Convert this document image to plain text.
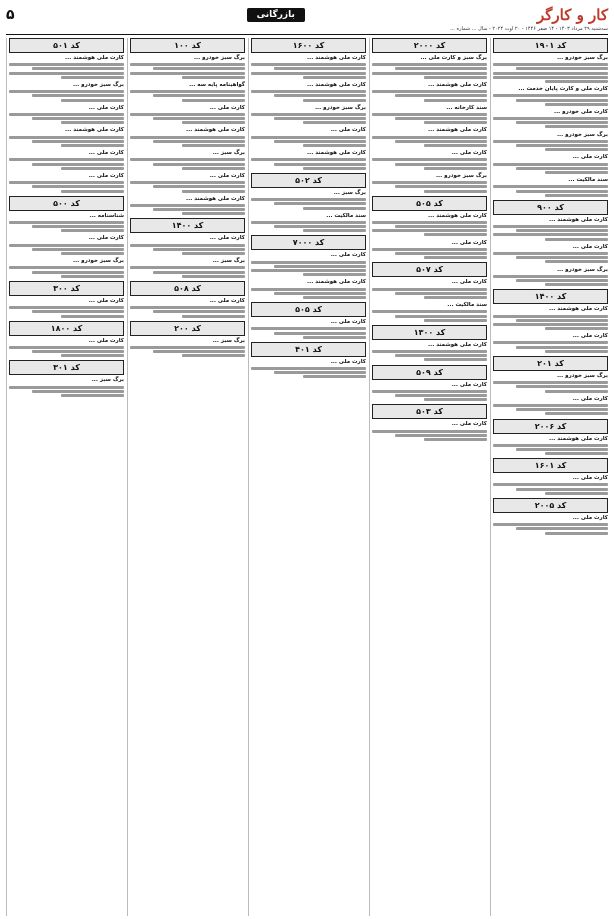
کار و کارگر
بازرگانی
۵
سه‌شنبه ۲۹ مرداد ۱۴۰۳ - ۱۴ صفر ۱۴۴۶ - ۲۰ اوت ۲۰۲۴ - سال ... شماره ...
کد ۱۹۰۱
برگ سبز خودرو ...
کارت ملی و کارت پایان خدمت ...
کارت ملی خودرو ...
برگ سبز خودرو ...
کارت ملی ...
سند مالکیت ...
کد ۹۰۰
کارت ملی هوشمند ...
کارت ملی ...
برگ سبز خودرو ...
کد ۱۴۰۰
کارت ملی هوشمند ...
کارت ملی ...
کد ۲۰۱
برگ سبز خودرو ...
کارت ملی ...
کد ۲۰۰۶
کارت ملی هوشمند ...
کد ۱۶۰۱
کارت ملی ...
کد ۲۰۰۵
کارت ملی ...
کد ۲۰۰۰
برگ سبز و کارت ملی ...
کارت ملی هوشمند ...
سند کارخانه ...
کارت ملی هوشمند ...
کارت ملی ...
برگ سبز خودرو ...
کد ۵۰۵
کارت ملی هوشمند ...
کارت ملی ...
کد ۵۰۷
کارت ملی ...
سند مالکیت ...
کد ۱۳۰۰
کارت ملی هوشمند ...
کد ۵۰۹
کارت ملی ...
کد ۵۰۳
کارت ملی ...
کد ۱۶۰۰
کارت ملی هوشمند ...
کارت ملی هوشمند ...
برگ سبز خودرو ...
کارت ملی ...
کارت ملی هوشمند ...
کد ۵۰۲
برگ سبز ...
سند مالکیت ...
کد ۷۰۰۰
کارت ملی ...
کارت ملی هوشمند ...
کد ۵۰۵
کارت ملی ...
کد ۴۰۱
کارت ملی ...
کد ۱۰۰
برگ سبز خودرو ...
گواهینامه پایه سه ...
کارت ملی ...
کارت ملی هوشمند ...
برگ سبز ...
کارت ملی ...
کارت ملی هوشمند ...
کد ۱۴۰۰
کارت ملی ...
برگ سبز ...
کد ۵۰۸
کارت ملی ...
کد ۲۰۰
برگ سبز ...
کد ۵۰۱
کارت ملی هوشمند ...
برگ سبز خودرو ...
کارت ملی ...
کارت ملی هوشمند ...
کارت ملی ...
کارت ملی ...
کد ۵۰۰
شناسنامه ...
کارت ملی ...
برگ سبز خودرو ...
کد ۳۰۰
کارت ملی ...
کد ۱۸۰۰
کارت ملی ...
کد ۳۰۱
برگ سبز ...
